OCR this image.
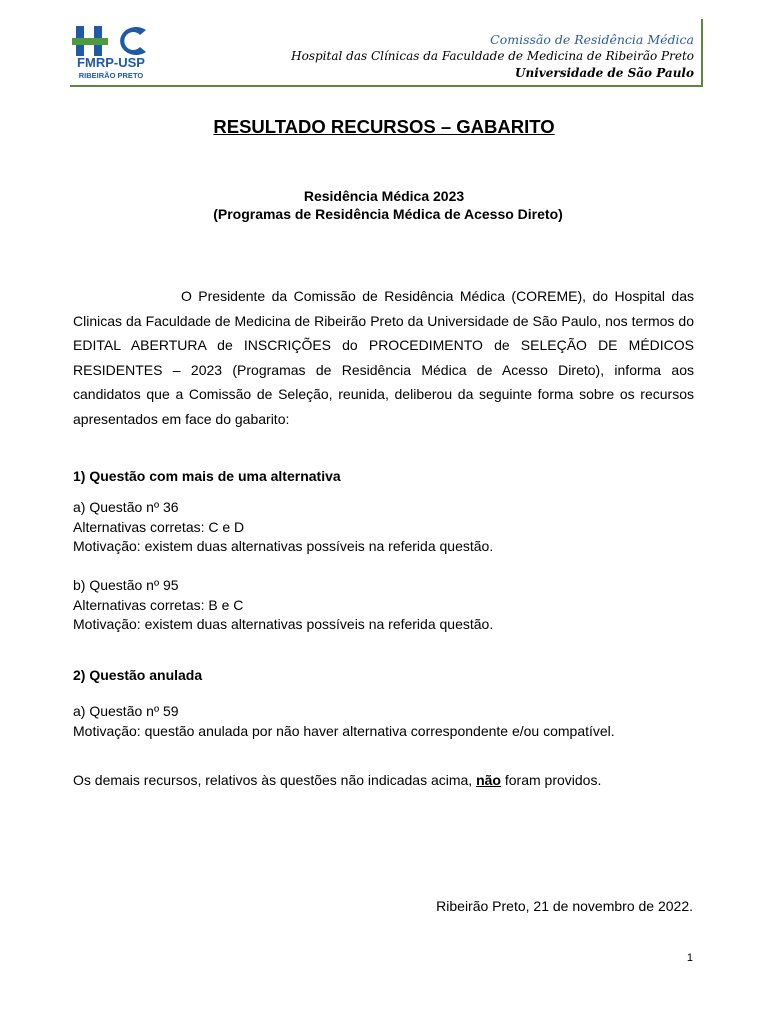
FMRP-USP
RIBEIRÃO PRETO
Comissão de Residência Médica
Hospital das Clínicas da Faculdade de Medicina de Ribeirão Preto
Universidade de São Paulo
RESULTADO RECURSOS – GABARITO
Residência Médica 2023
(Programas de Residência Médica de Acesso Direto)
O Presidente da Comissão de Residência Médica (COREME), do Hospital das Clinicas da Faculdade de Medicina de Ribeirão Preto da Universidade de São Paulo, nos termos do EDITAL ABERTURA de INSCRIÇÕES do PROCEDIMENTO de SELEÇÃO DE MÉDICOS RESIDENTES – 2023 (Programas de Residência Médica de Acesso Direto), informa aos candidatos que a Comissão de Seleção, reunida, deliberou da seguinte forma sobre os recursos apresentados em face do gabarito:
1) Questão com mais de uma alternativa
a) Questão nº 36
Alternativas corretas: C e D
Motivação: existem duas alternativas possíveis na referida questão.
b) Questão nº 95
Alternativas corretas: B e C
Motivação: existem duas alternativas possíveis na referida questão.
2) Questão anulada
a) Questão nº 59
Motivação: questão anulada por não haver alternativa correspondente e/ou compatível.
Os demais recursos, relativos às questões não indicadas acima, não foram providos.
Ribeirão Preto, 21 de novembro de 2022.
1
